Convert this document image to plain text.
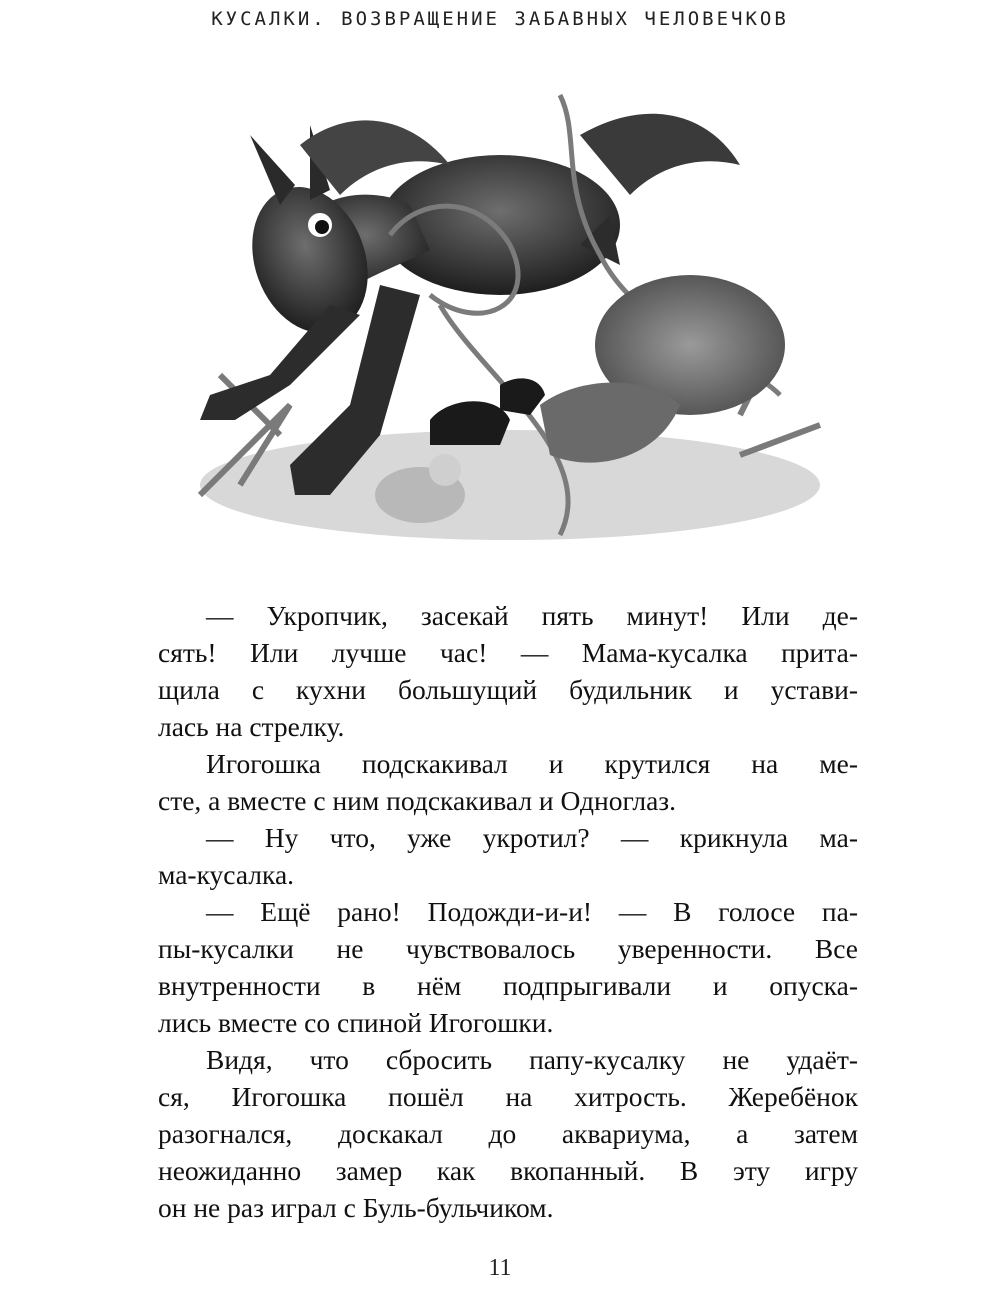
КУСАЛКИ. ВОЗВРАЩЕНИЕ ЗАБАВНЫХ ЧЕЛОВЕЧКОВ
— Укропчик, засекай пять минут! Или де-
сять! Или лучше час! — Мама-кусалка прита-
щила с кухни большущий будильник и устави-
лась на стрелку.
Игогошка подскакивал и крутился на ме-
сте, а вместе с ним подскакивал и Одноглаз.
— Ну что, уже укротил? — крикнула ма-
ма-кусалка.
— Ещё рано! Подожди-и-и! — В голосе па-
пы-кусалки не чувствовалось уверенности. Все
внутренности в нём подпрыгивали и опуска-
лись вместе со спиной Игогошки.
Видя, что сбросить папу-кусалку не удаёт-
ся, Игогошка пошёл на хитрость. Жеребёнок
разогнался, доскакал до аквариума, а затем
неожиданно замер как вкопанный. В эту игру
он не раз играл с Буль-бульчиком.
11
